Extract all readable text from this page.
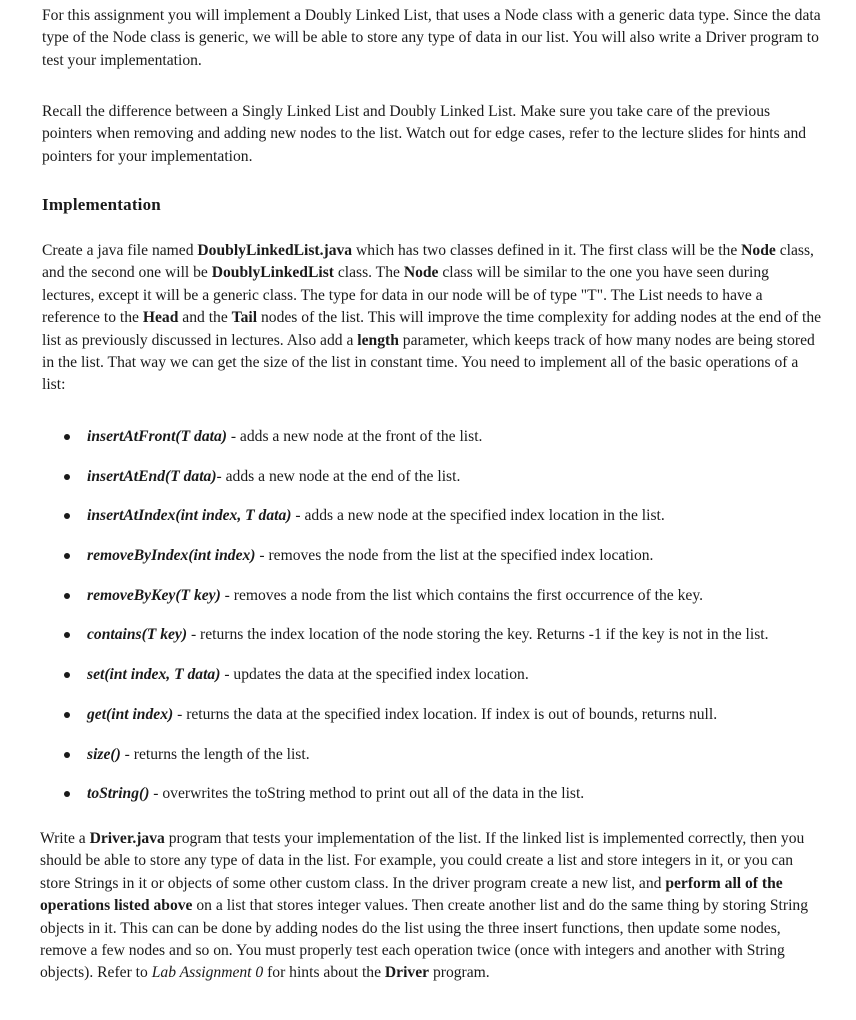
For this assignment you will implement a Doubly Linked List, that uses a Node class with a generic data type. Since the data type of the Node class is generic, we will be able to store any type of data in our list. You will also write a Driver program to test your implementation.

Recall the difference between a Singly Linked List and Doubly Linked List. Make sure you take care of the previous pointers when removing and adding new nodes to the list. Watch out for edge cases, refer to the lecture slides for hints and pointers for your implementation.

Implementation

Create a java file named DoublyLinkedList.java which has two classes defined in it. The first class will be the Node class, and the second one will be DoublyLinkedList class. The Node class will be similar to the one you have seen during lectures, except it will be a generic class. The type for data in our node will be of type "T". The List needs to have a reference to the Head and the Tail nodes of the list. This will improve the time complexity for adding nodes at the end of the list as previously discussed in lectures. Also add a length parameter, which keeps track of how many nodes are being stored in the list. That way we can get the size of the list in constant time. You need to implement all of the basic operations of a list:

insertAtFront(T data) - adds a new node at the front of the list.
insertAtEnd(T data)- adds a new node at the end of the list.
insertAtIndex(int index, T data) - adds a new node at the specified index location in the list.
removeByIndex(int index) - removes the node from the list at the specified index location.
removeByKey(T key) - removes a node from the list which contains the first occurrence of the key.
contains(T key) - returns the index location of the node storing the key. Returns -1 if the key is not in the list.
set(int index, T data) - updates the data at the specified index location.
get(int index) - returns the data at the specified index location. If index is out of bounds, returns null.
size() - returns the length of the list.
toString() - overwrites the toString method to print out all of the data in the list.

Write a Driver.java program that tests your implementation of the list. If the linked list is implemented correctly, then you should be able to store any type of data in the list. For example, you could create a list and store integers in it, or you can store Strings in it or objects of some other custom class. In the driver program create a new list, and perform all of the operations listed above on a list that stores integer values. Then create another list and do the same thing by storing String objects in it. This can can be done by adding nodes do the list using the three insert functions, then update some nodes, remove a few nodes and so on. You must properly test each operation twice (once with integers and another with String objects). Refer to Lab Assignment 0 for hints about the Driver program.
